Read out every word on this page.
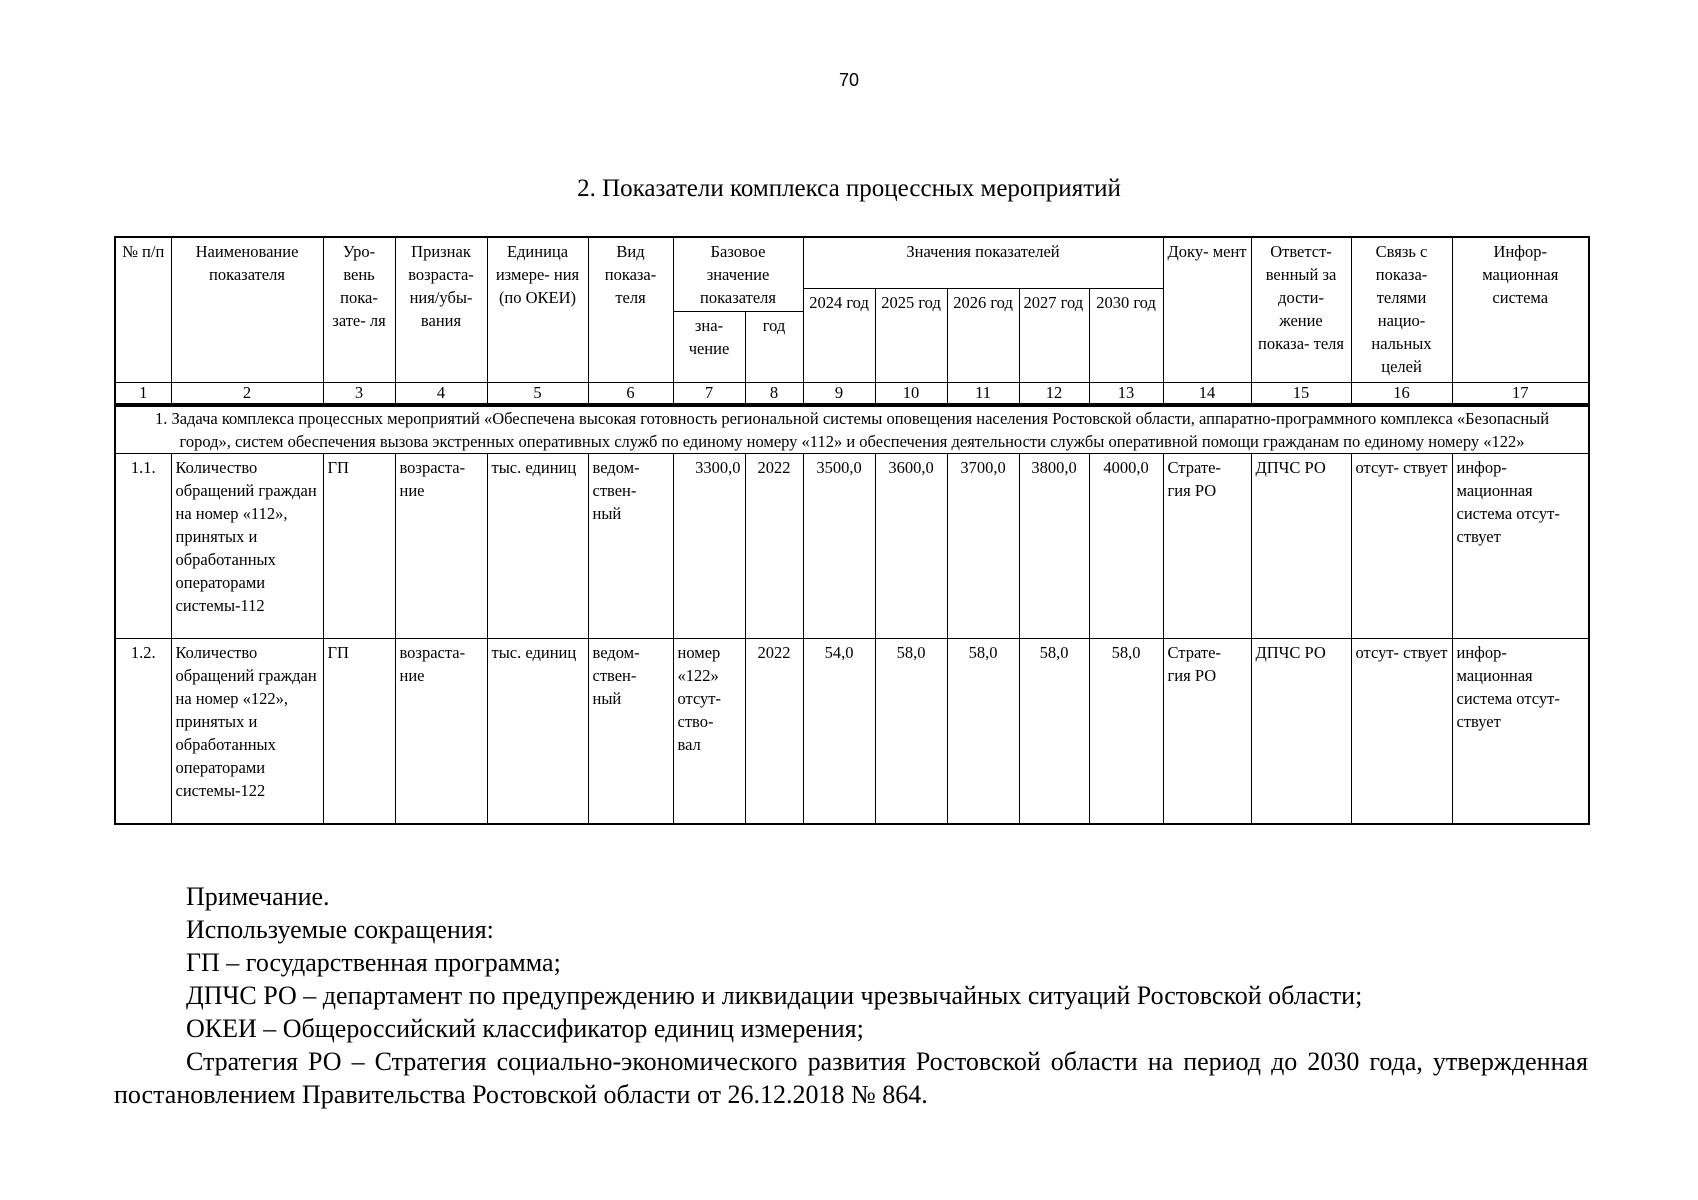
70
2. Показатели комплекса процессных мероприятий
№ п/п	Наименование показателя	Уро- вень пока- зате- ля	Признак возраста- ния/убы- вания	Единица измере- ния (по ОКЕИ)	Вид показа- теля	Базовое значение показателя		Значения показателей					Доку- мент	Ответст- венный за дости- жение показа- теля	Связь с показа- телями нацио- нальных целей	Инфор- мационная система
								2024 год	2025 год	2026 год	2027 год	2030 год				
						зна- чение	год									
1	2	3	4	5	6	7	8	9	10	11	12	13	14	15	16	17
1. Задача комплекса процессных мероприятий «Обеспечена высокая готовность региональной системы оповещения населения Ростовской области, аппаратно-программного комплекса «Безопасный город», систем обеспечения вызова экстренных оперативных служб по единому номеру «112» и обеспечения деятельности службы оперативной помощи гражданам по единому номеру «122»																
1.1.	Количество обращений граждан на номер «112», принятых и обработанных операторами системы-112	ГП	возраста- ние	тыс. единиц	ведом- ствен- ный	3300,0	2022	3500,0	3600,0	3700,0	3800,0	4000,0	Страте- гия РО	ДПЧС РО	отсут- ствует	инфор- мационная система отсут- ствует
1.2.	Количество обращений граждан на номер «122», принятых и обработанных операторами системы-122	ГП	возраста- ние	тыс. единиц	ведом- ствен- ный	номер «122» отсут- ство- вал	2022	54,0	58,0	58,0	58,0	58,0	Страте- гия РО	ДПЧС РО	отсут- ствует	инфор- мационная система отсут- ствует

Примечание.

Используемые сокращения:

ГП – государственная программа;

ДПЧС РО – департамент по предупреждению и ликвидации чрезвычайных ситуаций Ростовской области;

ОКЕИ – Общероссийский классификатор единиц измерения;

Стратегия РО – Стратегия социально-экономического развития Ростовской области на период до 2030 года, утвержденная постановлением Правительства Ростовской области от 26.12.2018 № 864.
